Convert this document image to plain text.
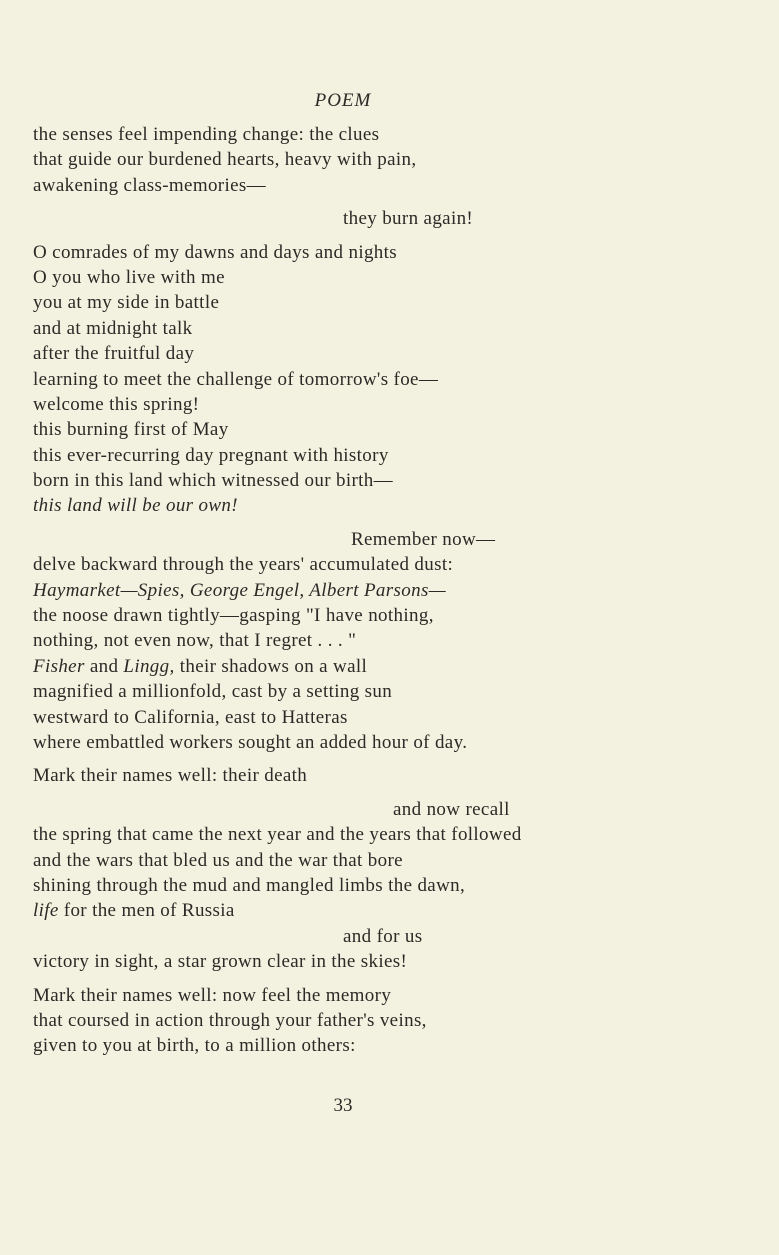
POEM
the senses feel impending change: the clues
that guide our burdened hearts, heavy with pain,
awakening class-memories—
they burn again!
O comrades of my dawns and days and nights
O you who live with me
you at my side in battle
and at midnight talk
after the fruitful day
learning to meet the challenge of tomorrow's foe—
welcome this spring!
this burning first of May
this ever-recurring day pregnant with history
born in this land which witnessed our birth—
this land will be our own!
Remember now—
delve backward through the years' accumulated dust:
Haymarket—Spies, George Engel, Albert Parsons—
the noose drawn tightly—gasping "I have nothing,
nothing, not even now, that I regret . . . "
Fisher and Lingg, their shadows on a wall
magnified a millionfold, cast by a setting sun
westward to California, east to Hatteras
where embattled workers sought an added hour of day.
Mark their names well: their death
and now recall
the spring that came the next year and the years that followed
and the wars that bled us and the war that bore
shining through the mud and mangled limbs the dawn,
life for the men of Russia
and for us
victory in sight, a star grown clear in the skies!
Mark their names well: now feel the memory
that coursed in action through your father's veins,
given to you at birth, to a million others:
33
